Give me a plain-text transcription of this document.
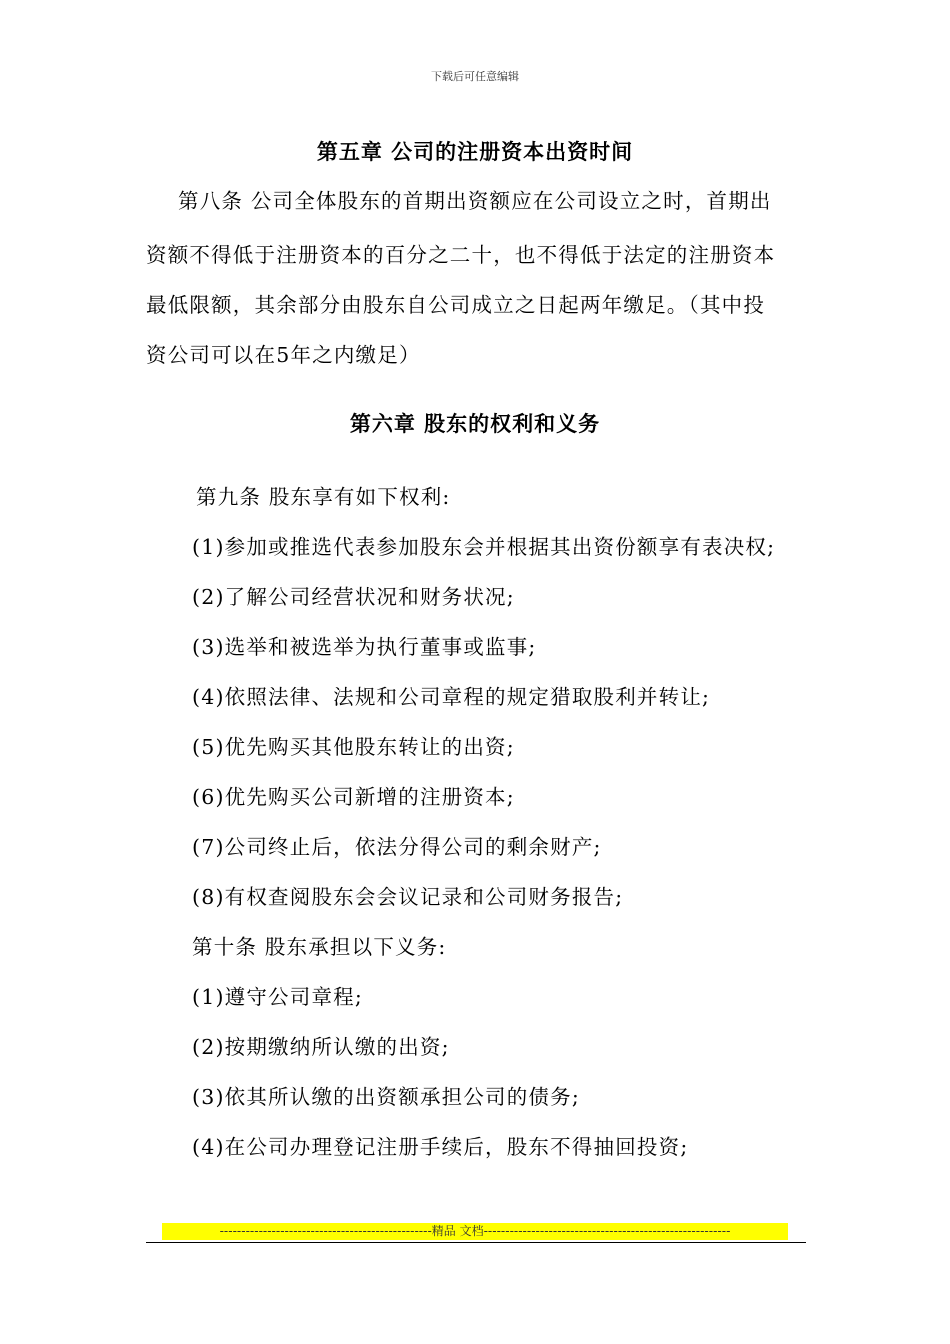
下载后可任意编辑
第五章 公司的注册资本出资时间
第八条 公司全体股东的首期出资额应在公司设立之时，首期出
资额不得低于注册资本的百分之二十，也不得低于法定的注册资本
最低限额，其余部分由股东自公司成立之日起两年缴足。（其中投
资公司可以在5年之内缴足）
第六章 股东的权利和义务
第九条 股东享有如下权利:
(1)参加或推选代表参加股东会并根据其出资份额享有表决权;
(2)了解公司经营状况和财务状况;
(3)选举和被选举为执行董事或监事;
(4)依照法律、法规和公司章程的规定猎取股利并转让;
(5)优先购买其他股东转让的出资;
(6)优先购买公司新增的注册资本;
(7)公司终止后，依法分得公司的剩余财产;
(8)有权查阅股东会会议记录和公司财务报告;
第十条 股东承担以下义务:
(1)遵守公司章程;
(2)按期缴纳所认缴的出资;
(3)依其所认缴的出资额承担公司的债务;
(4)在公司办理登记注册手续后，股东不得抽回投资;
-------------------------------------------------精品 文档---------------------------------------------------------
